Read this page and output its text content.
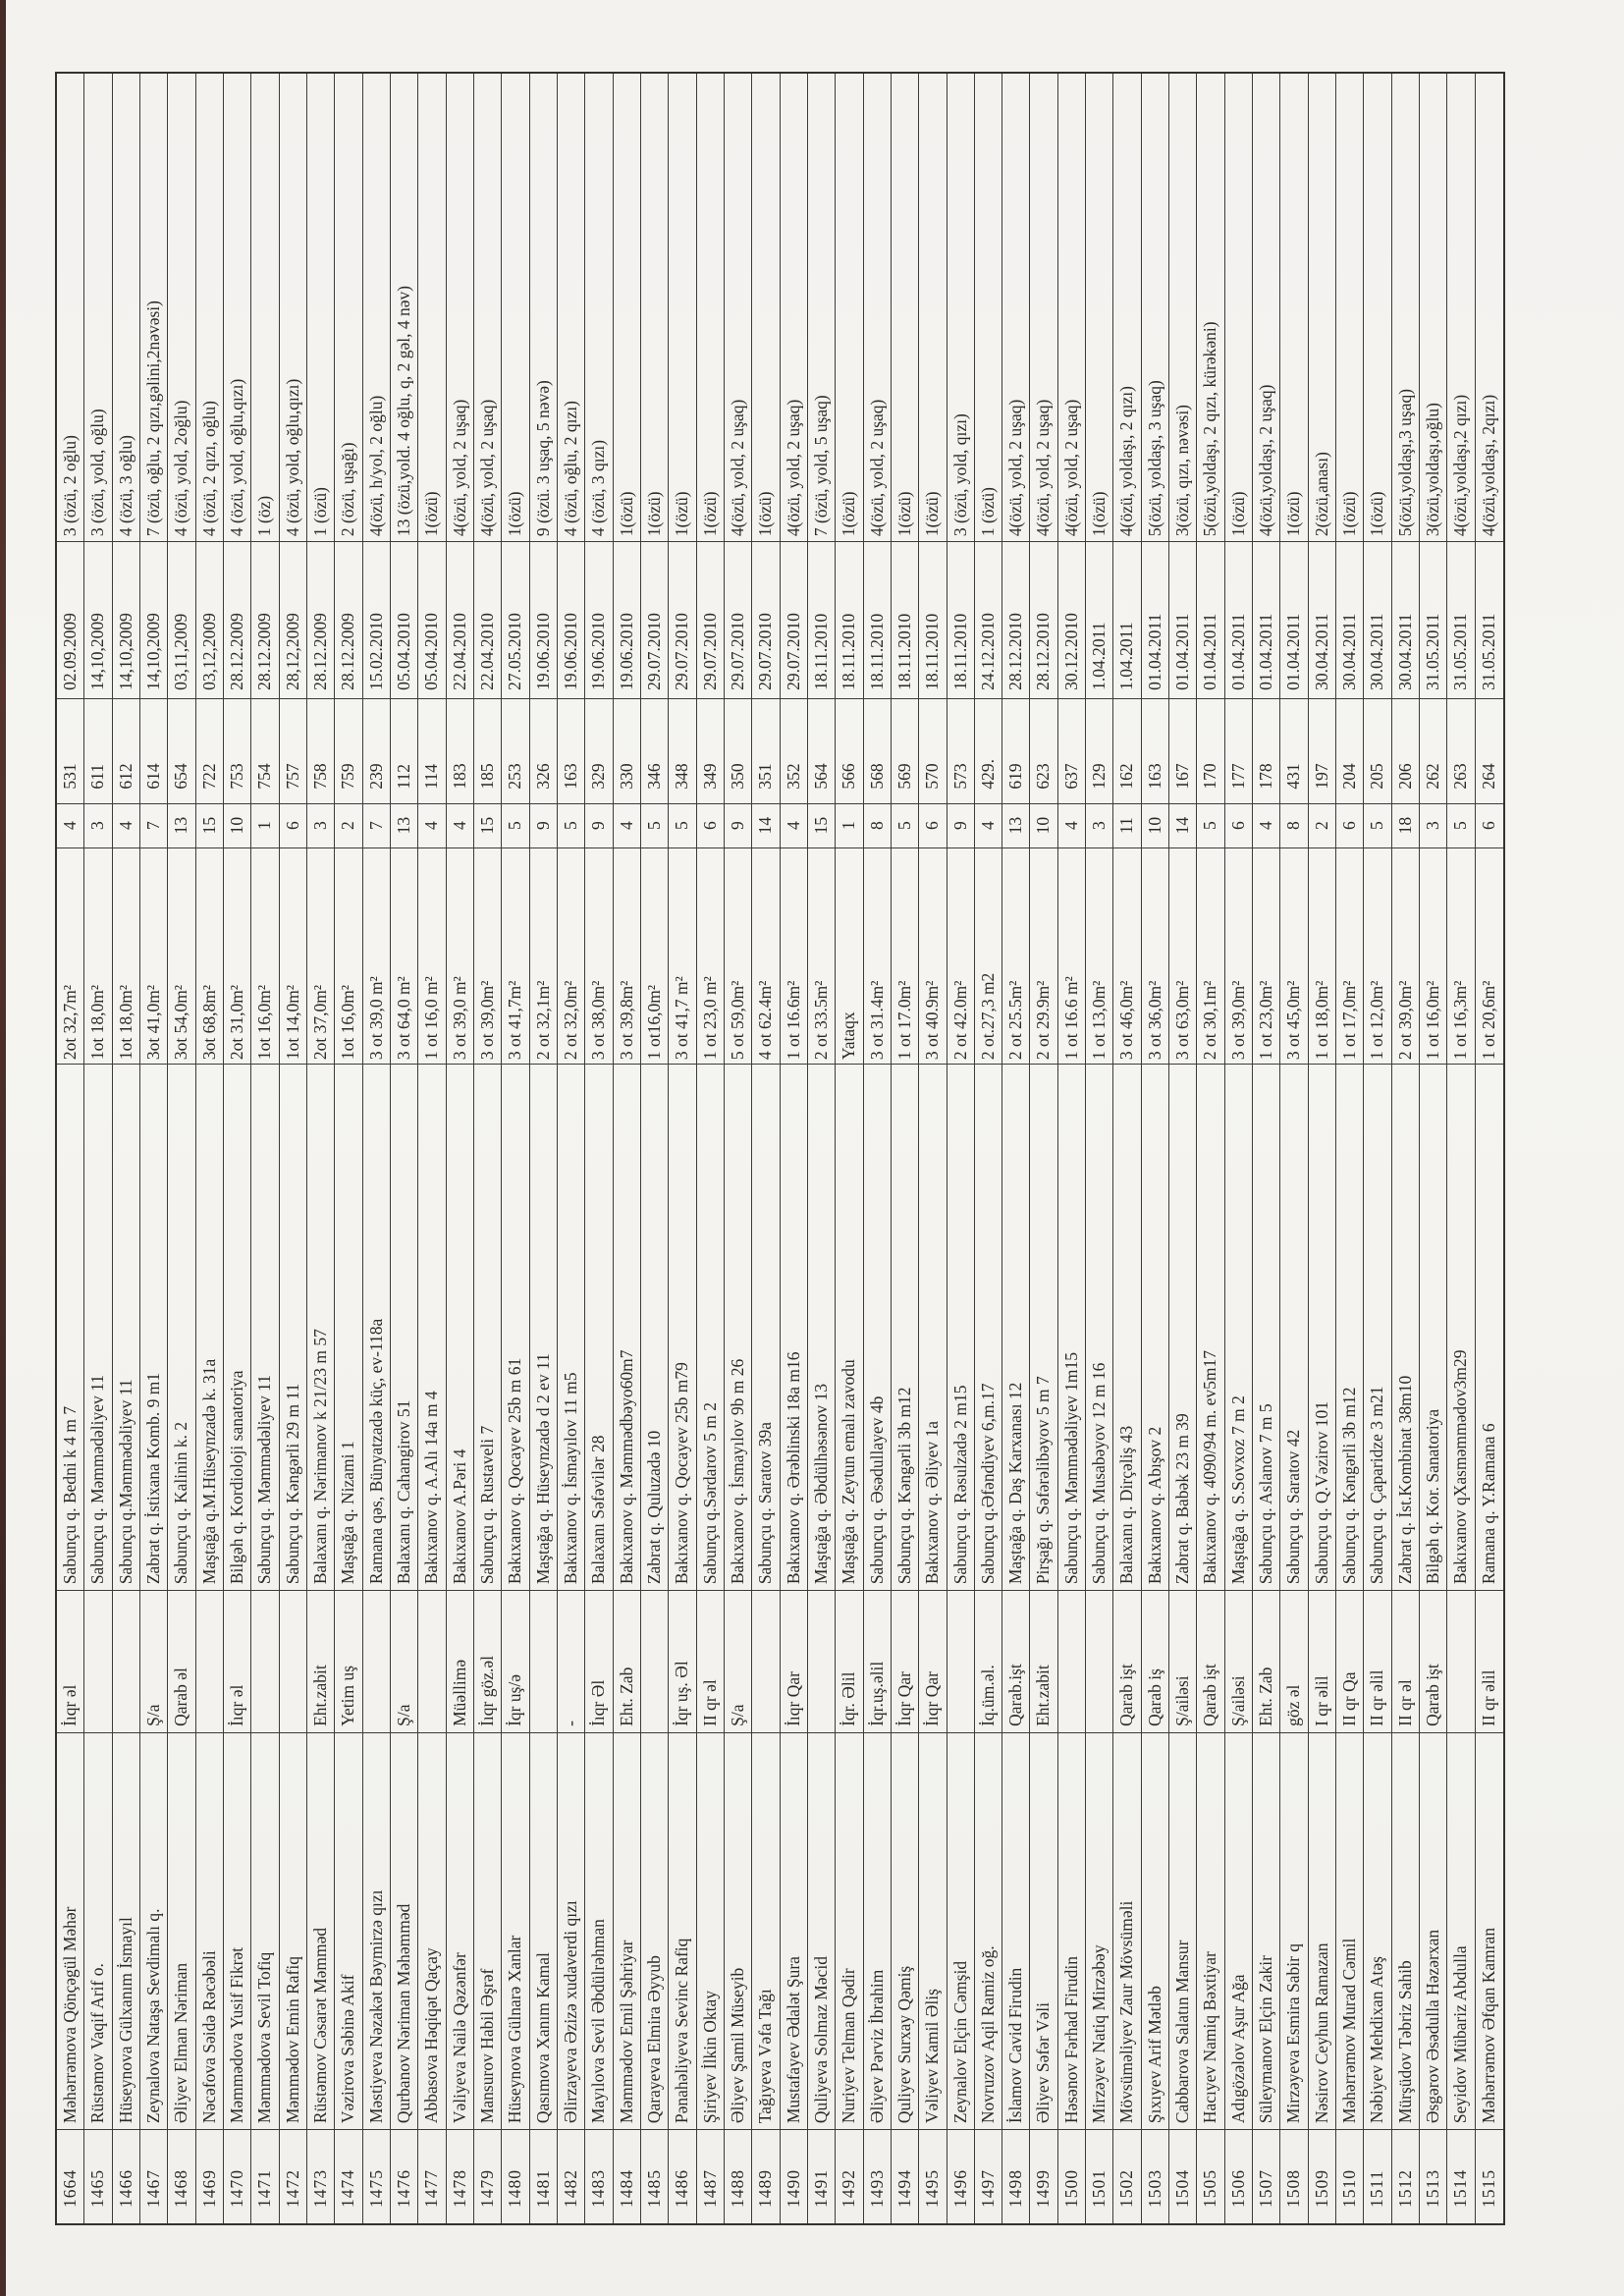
1664
Məhərrəmova Qönçəgül Məhər
İıqr əl
Sabunçu q. Bedni k 4 m 7
2ot 32,7m²
4
531
02.09.2009
3 (özü, 2 oğlu)
1465
Rüstəmov Vaqif Arif o.
Sabunçu q. Məmmədəliyev 11
1ot 18,0m²
3
611
14,10,2009
3 (özü, yold, oğlu)
1466
Hüseynova Gülxanım İsmayıl
Sabunçu q.Məmmədəliyev 11
1ot 18,0m²
4
612
14,10,2009
4 (özü, 3 oğlu)
1467
Zeynalova Nataşa Sevdimalı q.
Ş/a
Zabrat q. İstixana Komb. 9 m1
3ot 41,0m²
7
614
14,10,2009
7 (özü, oğlu, 2 qızı,gəlini,2nəvəsi)
1468
Əliyev Elman Nəriman
Qarab əl
Sabunçu q. Kalinin k. 2
3ot 54,0m²
13
654
03,11,2009
4 (özü, yold, 2oğlu)
1469
Nəcəfova Səidə Rəcəbəli
Maştağa q.M.Hüseynzadə k. 31a
3ot 68,8m²
15
722
03,12,2009
4 (özü, 2 qızı, oğlu)
1470
Məmmədova Yusif Fikrət
İıqr əl
Bilgəh q. Kordioloji sanatoriya
2ot 31,0m²
10
753
28.12.2009
4 (özü, yold, oğlu,qızı)
1471
Məmmədova Sevil Tofiq
Sabunçu q. Məmmədəliyev 11
1ot 16,0m²
1
754
28.12.2009
1 (öz)
1472
Məmmədov Emin Rafiq
Sabunçu q. Kəngərli 29 m 11
1ot 14,0m²
6
757
28,12,2009
4 (özü, yold, oğlu,qızı)
1473
Rüstəmov Cəsarət Məmməd
Eht.zabit
Balaxanı q. Nərimanov k 21/23 m 57
2ot 37,0m²
3
758
28.12.2009
1 (özü)
1474
Vəzirova Səbinə Akif
Yetim uş
Maştağa q. Nizami 1
1ot 16,0m²
2
759
28.12.2009
2 (özü, uşağı)
1475
Məstiyeva Nəzakət Bəymirzə qızı
Ramana qəs, Bünyatzadə küç, ev-118a
3 ot 39,0 m²
7
239
15.02.2010
4(özü, h/yol, 2 oğlu)
1476
Qurbanov Nəriman Məhəmməd
Ş/a
Balaxanı q. Cahangirov 51
3 ot 64,0 m²
13
112
05.04.2010
13 (özü,yold. 4 oğlu, q, 2 gəl, 4 nəv)
1477
Abbasova Həqiqət Qaçay
Bakıxanov q. A.Alı 14a m 4
1 ot 16,0 m²
4
114
05.04.2010
1(özü)
1478
Vəliyeva Nailə Qəzənfər
Müəllimə
Bakıxanov A.Pəri 4
3 ot 39,0 m²
4
183
22.04.2010
4(özü, yold, 2 uşaq)
1479
Mansurov Habil Əşrəf
İıqr göz.əl
Sabunçu q. Rustaveli 7
3 ot 39,0m²
15
185
22.04.2010
4(özü, yold, 2 uşaq)
1480
Hüseynova Gülnarə Xanlar
İqr uş/ə
Bakıxanov q. Qocayev 25b m 61
3 ot 41,7m²
5
253
27.05.2010
1(özü)
1481
Qasımova Xanım Kamal
Maştağa q. Hüseynzadə d 2 ev 11
2 ot 32,1m²
9
326
19.06.2010
9 (özü. 3 uşaq, 5 nəvə)
1482
Əlirzayeva Əzizə xudaverdi qızı
-
Bakıxanov q. İsmayılov 11 m5
2 ot 32,0m²
5
163
19.06.2010
4 (özü, oğlu, 2 qızı)
1483
Mayılova Sevil Əbdülrəhman
İıqr Əl
Balaxanı Səfəvilər 28
3 ot 38,0m²
9
329
19.06.2010
4 (özü, 3 qızı)
1484
Məmmədov Emil Şəhriyar
Eht. Zab
Bakıxanov q. Məmmədbəyo60m7
3 ot 39,8m²
4
330
19.06.2010
1(özü)
1485
Qarayeva Elmira Əyyub
Zabrat q. Quluzadə 10
1 ot16,0m²
5
346
29.07.2010
1(özü)
1486
Pənahəliyeva Sevinc Rafiq
İqr uş. Əl
Bakıxanov q. Qocayev 25b m79
3 ot 41,7 m²
5
348
29.07.2010
1(özü)
1487
Şiriyev İlkin Oktay
II qr əl
Sabunçu q.Sərdarov 5 m 2
1 ot 23,0 m²
6
349
29.07.2010
1(özü)
1488
Əliyev Şamil Müseyib
Ş/a
Bakıxanov q. İsmayılov 9b m 26
5 ot 59,0m²
9
350
29.07.2010
4(özü, yold, 2 uşaq)
1489
Tağıyeva Vəfa Tağı
Sabunçu q. Saratov 39a
4 ot 62.4m²
14
351
29.07.2010
1(özü)
1490
Mustafayev Ədalət Şura
İıqr Qar
Bakıxanov q. Ərəblinski 18a m16
1 ot 16.6m²
4
352
29.07.2010
4(özü, yold, 2 uşaq)
1491
Quliyeva Solmaz Məcid
Maştağa q. Əbdülhəsənov 13
2 ot 33.5m²
15
564
18.11.2010
7 (özü, yold, 5 uşaq)
1492
Nuriyev Telman Qədir
İqr. Əlil
Maştağa q. Zeytun emalı zavodu
Yataqx
1
566
18.11.2010
1(özü)
1493
Əliyev Pərviz İbrahim
İqr.uş.əlil
Sabunçu q. Əsədullayev 4b
3 ot 31.4m²
8
568
18.11.2010
4(özü, yold, 2 uşaq)
1494
Quliyev Surxay Qəmiş
İıqr Qar
Sabunçu q. Kəngərli 3b m12
1 ot 17.0m²
5
569
18.11.2010
1(özü)
1495
Vəliyev Kamil Əliş
İıqr Qar
Bakıxanov q. Əliyev 1a
3 ot 40.9m²
6
570
18.11.2010
1(özü)
1496
Zeynalov Elçin Cəmşid
Sabunçu q. Rəsulzadə 2 m15
2 ot 42.0m²
9
573
18.11.2010
3 (özü, yold, qızı)
1497
Novruzov Aqil Ramiz oğ.
İq.üm.əl.
Sabunçu q.Əfəndiyev 6,m.17
2 ot.27,3 m2
4
429.
24.12.2010
1 (özü)
1498
İslamov Cavid Firudin
Qarab.işt
Maştağa q. Daş Karxanası 12
2 ot 25.5m²
13
619
28.12.2010
4(özü, yold, 2 uşaq)
1499
Əliyev Səfər Vəli
Eht.zabit
Pirşağı q. Səfərəlibəyov 5 m 7
2 ot 29.9m²
10
623
28.12.2010
4(özü, yold, 2 uşaq)
1500
Həsənov Fərhad Firudin
Sabunçu q. Məmmədəliyev 1m15
1 ot 16.6 m²
4
637
30.12.2010
4(özü, yold, 2 uşaq)
1501
Mirzəyev Natiq Mirzəbəy
Sabunçu q. Musabəyov 12 m 16
1 ot 13,0m²
3
129
1.04.2011
1(özü)
1502
Mövsüməliyev Zaur Mövsüməli
Qarab işt
Balaxanı q. Dirçəliş 43
3 ot 46,0m²
11
162
1.04.2011
4(özü, yoldaşı, 2 qızı)
1503
Şıxıyev Arif Mətləb
Qarab iş
Bakıxanov q. Abışov 2
3 ot 36,0m²
10
163
01.04.2011
5(özü, yoldaşı, 3 uşaq)
1504
Cabbarova Salatın Mansur
Ş/ailəsi
Zabrat q. Babək 23 m 39
3 ot 63,0m²
14
167
01.04.2011
3(özü, qızı, nəvəsi)
1505
Hacıyev Namiq Bəxtiyar
Qarab işt
Bakıxanov q. 4090/94 m. ev5m17
2 ot 30,1m²
5
170
01.04.2011
5(özü,yoldaşı, 2 qızı, kürəkəni)
1506
Adıgözəlov Aşur Ağa
Ş/ailəsi
Maştağa q. S.Sovxoz 7 m 2
3 ot 39,0m²
6
177
01.04.2011
1(özü)
1507
Süleymanov Elçin Zakir
Eht. Zab
Sabunçu q. Aslanov 7 m 5
1 ot 23,0m²
4
178
01.04.2011
4(özü,yoldaşı, 2 uşaq)
1508
Mirzəyeva Esmira Sabir q
göz əl
Sabunçu q. Saratov 42
3 ot 45,0m²
8
431
01.04.2011
1(özü)
1509
Nəsirov Ceyhun Ramazan
I qr əlil
Sabunçu q. Q.Vəzirov 101
1 ot 18,0m²
2
197
30.04.2011
2(özü,anası)
1510
Məhərrəmov Murad Cəmil
II qr Qa
Sabunçu q. Kəngərli 3b m12
1 ot 17,0m²
6
204
30.04.2011
1(özü)
1511
Nəbiyev Mehdixan Atəş
II qr əlil
Sabunçu q. Çaparidze 3 m21
1 ot 12,0m²
5
205
30.04.2011
1(özü)
1512
Mürşüdov Təbriz Sahib
II qr əl
Zabrat q. İst.Kombinat 38m10
2 ot 39,0m²
18
206
30.04.2011
5(özü,yoldaşı,3 uşaq)
1513
Əsgərov Əsədulla Həzərxan
Qarab işt
Bilgəh q. Kor. Sanatoriya
1 ot 16,0m²
3
262
31.05.2011
3(özü,yoldaşı,oğlu)
1514
Seyidov Mübariz Abdulla
Bakıxanov qXasməmmədov3m29
1 ot 16,3m²
5
263
31.05.2011
4(özü,yoldaşı,2 qızı)
1515
Məhərrəmov Əfqan Kamran
II qr əlil
Ramana q. Y.Ramana 6
1 ot 20,6m²
6
264
31.05.2011
4(özü,yoldaşı, 2qızı)
